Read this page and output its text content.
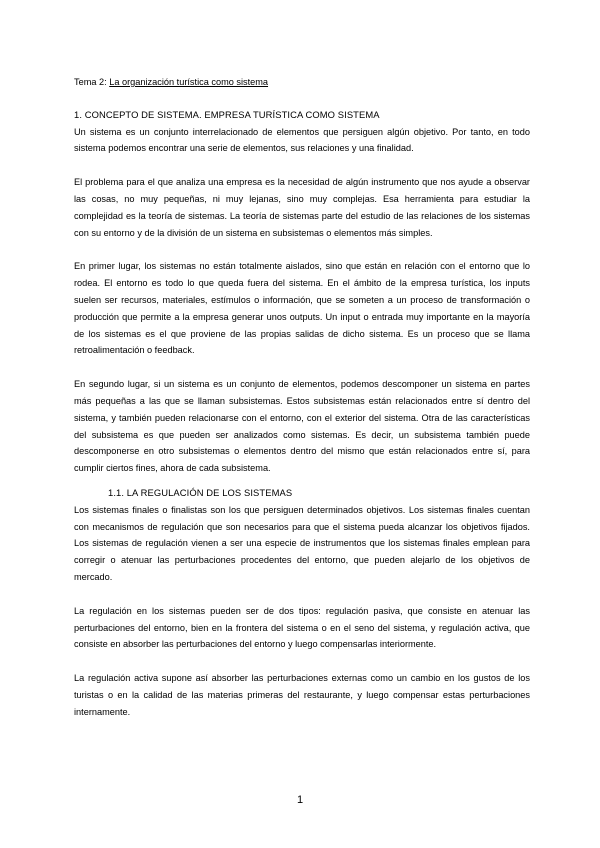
Tema 2: La organización turística como sistema
1. CONCEPTO DE SISTEMA. EMPRESA TURÍSTICA COMO SISTEMA

Un sistema es un conjunto interrelacionado de elementos que persiguen algún objetivo. Por tanto, en todo sistema podemos encontrar una serie de elementos, sus relaciones y una finalidad.

El problema para el que analiza una empresa es la necesidad de algún instrumento que nos ayude a observar las cosas, no muy pequeñas, ni muy lejanas, sino muy complejas. Esa herramienta para estudiar la complejidad es la teoría de sistemas. La teoría de sistemas parte del estudio de las relaciones de los sistemas con su entorno y de la división de un sistema en subsistemas o elementos más simples.

En primer lugar, los sistemas no están totalmente aislados, sino que están en relación con el entorno que lo rodea. El entorno es todo lo que queda fuera del sistema. En el ámbito de la empresa turística, los inputs suelen ser recursos, materiales, estímulos o información, que se someten a un proceso de transformación o producción que permite a la empresa generar unos outputs. Un input o entrada muy importante en la mayoría de los sistemas es el que proviene de las propias salidas de dicho sistema. Es un proceso que se llama retroalimentación o feedback.

En segundo lugar, si un sistema es un conjunto de elementos, podemos descomponer un sistema en partes más pequeñas a las que se llaman subsistemas. Estos subsistemas están relacionados entre sí dentro del sistema, y también pueden relacionarse con el entorno, con el exterior del sistema. Otra de las características del subsistema es que pueden ser analizados como sistemas. Es decir, un subsistema también puede descomponerse en otro subsistemas o elementos dentro del mismo que están relacionados entre sí, para cumplir ciertos fines, ahora de cada subsistema.

1.1. LA REGULACIÓN DE LOS SISTEMAS

Los sistemas finales o finalistas son los que persiguen determinados objetivos. Los sistemas finales cuentan con mecanismos de regulación que son necesarios para que el sistema pueda alcanzar los objetivos fijados. Los sistemas de regulación vienen a ser una especie de instrumentos que los sistemas finales emplean para corregir o atenuar las perturbaciones procedentes del entorno, que pueden alejarlo de los objetivos de mercado.

La regulación en los sistemas pueden ser de dos tipos: regulación pasiva, que consiste en atenuar las perturbaciones del entorno, bien en la frontera del sistema o en el seno del sistema, y regulación activa, que consiste en absorber las perturbaciones del entorno y luego compensarlas interiormente.

La regulación activa supone así absorber las perturbaciones externas como un cambio en los gustos de los turistas o en la calidad de las materias primeras del restaurante, y luego compensar estas perturbaciones internamente.

1
